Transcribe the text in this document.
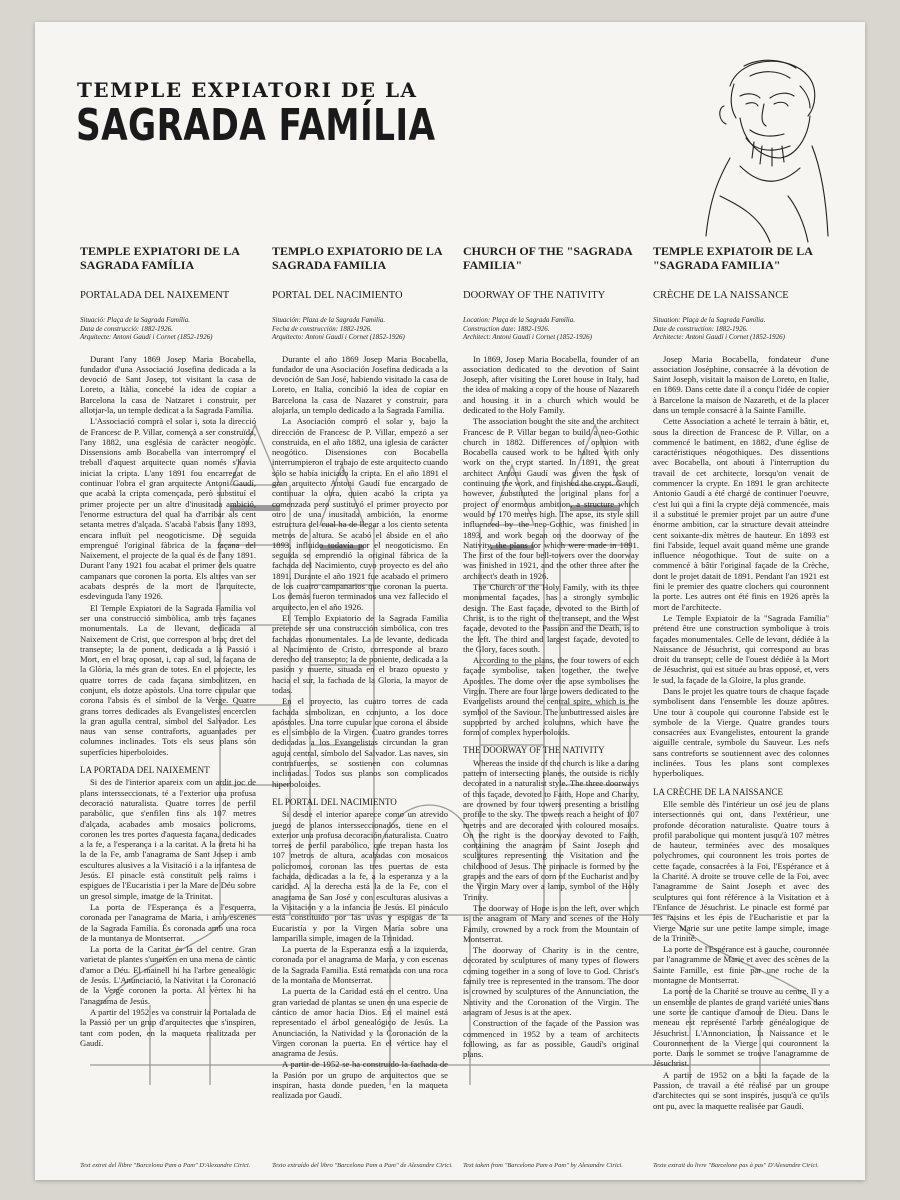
TEMPLE EXPIATORI DE LA
SAGRADA FAMÍLIA
TEMPLE EXPIATORI DE LA SAGRADA FAMÍLIA
PORTALADA DEL NAIXEMENT
Situació: Plaça de la Sagrada Família.
Data de construcció: 1882-1926.
Arquitecte: Antoni Gaudí i Cornet (1852-1926)

Durant l'any 1869 Josep Maria Bocabella, fundador d'una Associació Josefina dedicada a la devoció de Sant Josep, tot visitant la casa de Loreto, a Itàlia, concebé la idea de copiar a Barcelona la casa de Natzaret i construir, per allotjar-la, un temple dedicat a la Sagrada Família.

L'Associació comprà el solar i, sota la direcció de Francesc de P. Villar, començà a ser construïda, l'any 1882, una església de caràcter neogòtic. Dissensions amb Bocabella van interrompre el treball d'aquest arquitecte quan només s'havia iniciat la cripta. L'any 1891 fou encarregat de continuar l'obra el gran arquitecte Antoni Gaudí, que acabà la cripta començada, però substituí el primer projecte per un altre d'inusitada ambició, l'enorme estructura del qual ha d'arribar als cent setanta metres d'alçada. S'acabà l'absis l'any 1893, encara influït pel neogoticisme. De seguida emprengué l'original fàbrica de la façana del Naixement, el projecte de la qual és de l'any 1891. Durant l'any 1921 fou acabat el primer dels quatre campanars que coronen la porta. Els altres van ser acabats després de la mort de l'arquitecte, esdevinguda l'any 1926.

El Temple Expiatori de la Sagrada Família vol ser una construcció simbòlica, amb tres façanes monumentals. La de llevant, dedicada al Naixement de Crist, que correspon al braç dret del transepte; la de ponent, dedicada a la Passió i Mort, en el braç oposat, i, cap al sud, la façana de la Glòria, la més gran de totes. En el projecte, les quatre torres de cada façana simbolitzen, en conjunt, els dotze apòstols. Una torre cupular que corona l'absis és el símbol de la Verge. Quatre grans torres dedicades als Evangelistes encerclen la gran agulla central, símbol del Salvador. Les naus van sense contraforts, aguantades per columnes inclinades. Tots els seus plans són superfícies hiperboloides.

LA PORTADA DEL NAIXEMENT

Si des de l'interior apareix com un ardit joc de plans intersseccionats, té a l'exterior una profusa decoració naturalista. Quatre torres de perfil parabòlic, que s'enfilen fins als 107 metres d'alçada, acabades amb mosaics policroms, coronen les tres portes d'aquesta façana, dedicades a la fe, a l'esperança i a la caritat. A la dreta hi ha la de la Fe, amb l'anagrama de Sant Josep i amb escultures alusives a la Visitació i a la infantesa de Jesús. El pinacle està constituït pels raïms i espigues de l'Eucaristia i per la Mare de Déu sobre un gresol simple, imatge de la Trinitat.

La porta de l'Esperança és a l'esquerra, coronada per l'anagrama de Maria, i amb escenes de la Sagrada Família. És coronada amb una roca de la muntanya de Montserrat.

La porta de la Caritat és la del centre. Gran varietat de plantes s'uneixen en una mena de càntic d'amor a Déu. El mainell hi ha l'arbre genealògic de Jesús. L'Anunciació, la Nativitat i la Coronació de la Verge coronen la porta. Al vèrtex hi ha l'anagrama de Jesús.

A partir del 1952 es va construir la Portalada de la Passió per un grup d'arquitectes que s'inspiren, tant com poden, en la maqueta realitzada per Gaudí.

TEMPLO EXPIATORIO DE LA SAGRADA FAMILIA
PORTAL DEL NACIMIENTO
Situación: Plaza de la Sagrada Familia.
Fecha de construcción: 1882-1926.
Arquitecto: Antoni Gaudí i Cornet (1852-1926)

Durante el año 1869 Josep Maria Bocabella, fundador de una Asociación Josefina dedicada a la devoción de San José, habiendo visitado la casa de Loreto, en Italia, concibió la idea de copiar en Barcelona la casa de Nazaret y construir, para alojarla, un templo dedicado a la Sagrada Familia.

La Asociación compró el solar y, bajo la dirección de Francesc de P. Villar, empezó a ser construida, en el año 1882, una iglesia de carácter neogótico. Disensiones con Bocabella interrumpieron el trabajo de este arquitecto cuando sólo se había iniciado la cripta. En el año 1891 el gran arquitecto Antoni Gaudí fue encargado de continuar la obra, quien acabó la cripta ya comenzada pero sustituyó el primer proyecto por otro de una inusitada ambición, la enorme estructura del cual ha de llegar a los ciento setenta metros de altura. Se acabó el ábside en el año 1893, influido todavía por el neogoticismo. En seguida se emprendió la original fábrica de la fachada del Nacimiento, cuyo proyecto es del año 1891. Durante el año 1921 fue acabado el primero de los cuatro campanarios que coronan la puerta. Los demás fueron terminados una vez fallecido el arquitecto, en el año 1926.

El Templo Expiatorio de la Sagrada Familia pretende ser una construcción simbólica, con tres fachadas monumentales. La de levante, dedicada al Nacimiento de Cristo, corresponde al brazo derecho del transepto; la de poniente, dedicada a la pasión y muerte, situada en el brazo opuesto y hacia el sur, la fachada de la Gloria, la mayor de todas.

En el proyecto, las cuatro torres de cada fachada simbolizan, en conjunto, a los doce apóstoles. Una torre cupular que corona el ábside es el símbolo de la Virgen. Cuatro grandes torres dedicadas a los Evangelistas circundan la gran aguja central, símbolo del Salvador. Las naves, sin contrafuertes, se sostienen con columnas inclinadas. Todos sus planos son complicados hiperboloides.

EL PORTAL DEL NACIMIENTO

Si desde el interior aparece como un atrevido juego de planos intersseccionados, tiene en el exterior una profusa decoración naturalista. Cuatro torres de perfil parabólico, que trepan hasta los 107 metros de altura, acabadas con mosaicos polícromos, coronan las tres puertas de esta fachada, dedicadas a la fe, a la esperanza y a la caridad. A la derecha está la de la Fe, con el anagrama de San José y con esculturas alusivas a la Visitación y a la infancia de Jesús. El pináculo está constituido por las uvas y espigas de la Eucaristía y por la Virgen María sobre una lamparilla simple, imagen de la Trinidad.

La puerta de la Esperanza está a la izquierda, coronada por el anagrama de María, y con escenas de la Sagrada Familia. Está rematada con una roca de la montaña de Montserrat.

La puerta de la Caridad está en el centro. Una gran variedad de plantas se unen en una especie de cántico de amor hacia Dios. En el mainel está representado el árbol genealógico de Jesús. La Anunciación, la Natividad y la Coronación de la Virgen coronan la puerta. En el vértice hay el anagrama de Jesús.

A partir de 1952 se ha construido la fachada de la Pasión por un grupo de arquitectos que se inspiran, hasta donde pueden, en la maqueta realizada por Gaudí.

CHURCH OF THE "SAGRADA FAMILIA"
DOORWAY OF THE NATIVITY
Location: Plaça de la Sagrada Família.
Construction date: 1882-1926.
Architect: Antoni Gaudí i Cornet (1852-1926)

In 1869, Josep Maria Bocabella, founder of an association dedicated to the devotion of Saint Joseph, after visiting the Loret house in Italy, had the idea of making a copy of the house of Nazareth and housing it in a church which would be dedicated to the Holy Family.

The association bought the site and the architect Francesc de P. Villar began to build a neo-Gothic church in 1882. Differences of opinion with Bocabella caused work to be halted with only work on the crypt started. In 1891, the great architect Antoni Gaudí was given the task of continuing the work, and finished the crypt. Gaudí, however, substituted the original plans for a project of enormous ambition, a structure which would be 170 metres high. The apse, its style still influenced by the neo-Gothic, was finished in 1893, and work began on the doorway of the Nativity, the plans for which were made in 1891. The first of the four bell-towers over the doorway was finished in 1921, and the other three after the architect's death in 1926.

The Church of the Holy Family, with its three monumental façades, has a strongly symbolic design. The East façade, devoted to the Birth of Christ, is to the right of the transept, and the West façade, devoted to the Passion and the Death, is to the left. The third and largest façade, devoted to the Glory, faces south.

According to the plans, the four towers of each façade symbolise, taken together, the twelve Apostles. The dome over the apse symbolises the Virgin. There are four large towers dedicated to the Evangelists around the central spire, which is the symbol of the Saviour. The unbuttressed aisles are supported by arched columns, which have the form of complex hyperboloids.

THE DOORWAY OF THE NATIVITY

Whereas the inside of the church is like a daring pattern of intersecting planes, the outside is richly decorated in a naturalist style. The three doorways of this façade, devoted to Faith, Hope and Charity, are crowned by four towers presenting a bristling profile to the sky. The towers reach a height of 107 metres and are decorated with coloured mosaics. On the right is the doorway devoted to Faith, containing the anagram of Saint Joseph and sculptures representing the Visitation and the childhood of Jesus. The pinnacle is formed by the grapes and the ears of corn of the Eucharist and by the Virgin Mary over a lamp, symbol of the Holy Trinity.

The doorway of Hope is on the left, over which is the anagram of Mary and scenes of the Holy Family, crowned by a rock from the Mountain of Montserrat.

The doorway of Charity is in the centre, decorated by sculptures of many types of flowers coming together in a song of love to God. Christ's family tree is represented in the transom. The door is crowned by sculptures of the Annunciation, the Nativity and the Coronation of the Virgin. The anagram of Jesus is at the apex.

Construction of the façade of the Passion was commenced in 1952 by a team of architects following, as far as possible, Gaudí's original plans.

TEMPLE EXPIATOIR DE LA "SAGRADA FAMILIA"
CRÈCHE DE LA NAISSANCE
Situation: Plaça de la Sagrada Família.
Date de construction: 1882-1926.
Architecte: Antoni Gaudí i Cornet (1852-1926)

Josep Maria Bocabella, fondateur d'une association Joséphine, consacrée à la dévotion de Saint Joseph, visitait la maison de Loreto, en Italie, en 1869. Dans cette date il a conçu l'idée de copier à Barcelone la maison de Nazareth, et de la placer dans un temple consacré à la Sainte Famille.

Cette Association a acheté le terrain à bâtir, et, sous la direction de Francesc de P. Villar, on a commencé le batiment, en 1882, d'une église de caractéristiques néogothiques. Des dissentions avec Bocabella, ont abouti à l'interruption du travail de cet architecte, lorsqu'on venait de commencer la crypte. En 1891 le gran architecte Antonio Gaudí a été chargé de continuer l'oeuvre, c'est lui qui a fini la crypte déjà commencée, mais il a substitué le premier projet par un autre d'une énorme ambition, car la structure devait atteindre cent soixante-dix mètres de hauteur. En 1893 est fini l'abside, lequel avait quand même une grande influence néogothique. Tout de suite on a commencé à bâtir l'original façade de la Crèche, dont le projet datait de 1891. Pendant l'an 1921 est fini le premier des quatre clochers qui couronnent la porte. Les autres ont été finis en 1926 après la mort de l'architecte.

Le Temple Expiatoir de la "Sagrada Família" prétend être une construction symbolique à trois façades monumentales. Celle de levant, dédiée à la Naissance de Jésuchrist, qui correspond au bras droit du transept; celle de l'ouest dédiée à la Mort de Jésuchrist, qui est située au bras opposé, et, vers le sud, la façade de la Gloire, la plus grande.

Dans le projet les quatre tours de chaque façade symbolisent dans l'ensemble les douze apôtres. Une tour à coupole qui couronne l'abside est le symbole de la Vierge. Quatre grandes tours consacrées aux Evangelistes, entourent la grande aiguille centrale, symbole du Sauveur. Les nefs sans contreforts se soutiennent avec des colonnes inclinées. Tous les plans sont complexes hyperboliques.

LA CRÈCHE DE LA NAISSANCE

Elle semble dès l'intérieur un osé jeu de plans intersectionnés qui ont, dans l'extérieur, une profonde décoration naturaliste. Quatre tours à profil parabolique qui montent jusqu'à 107 mètres de hauteur, terminées avec des mosaïques polychromes, qui couronnent les trois portes de cette façade, consacrées à la Foi, l'Espérance et à la Charité. A droite se trouve celle de la Foi, avec l'anagramme de Saint Joseph et avec des sculptures qui font référence à la Visitation et à l'Enfance de Jésuchrist. Le pinacle est formé par les raisins et les épis de l'Eucharistie et par la Vierge Marie sur une petite lampe simple, image de la Trinité.

La porte de l'Espérance est à gauche, couronnée par l'anagramme de Marie et avec des scènes de la Sainte Famille, est finie par une roche de la montagne de Montserrat.

La porte de la Charité se trouve au centre. Il y a un ensemble de plantes de grand variété unies dans une sorte de cantique d'amour de Dieu. Dans le meneau est représenté l'arbre généalogique de Jésuchrist. L'Annonciation, la Naissance et le Couronnement de la Vierge qui couronnent la porte. Dans le sommet se trouve l'anagramme de Jésuchrist.

A partir de 1952 on a bâti la façade de la Passion, ce travail a été réalisé par un groupe d'architectes qui se sont inspirés, jusqu'à ce qu'ils ont pu, avec la maquette realisée par Gaudí.

Text extret del llibre "Barcelona Pam a Pam" D'Alexandre Cirici.	Texto extraído del libro "Barcelona Pam a Pam" de Alexandre Cirici. Text taken from "Barcelona Pam a Pam" by Alexandre Cirici.	Texte extrait du livre "Barcelone pas à pas" D'Alexandre Cirici.
